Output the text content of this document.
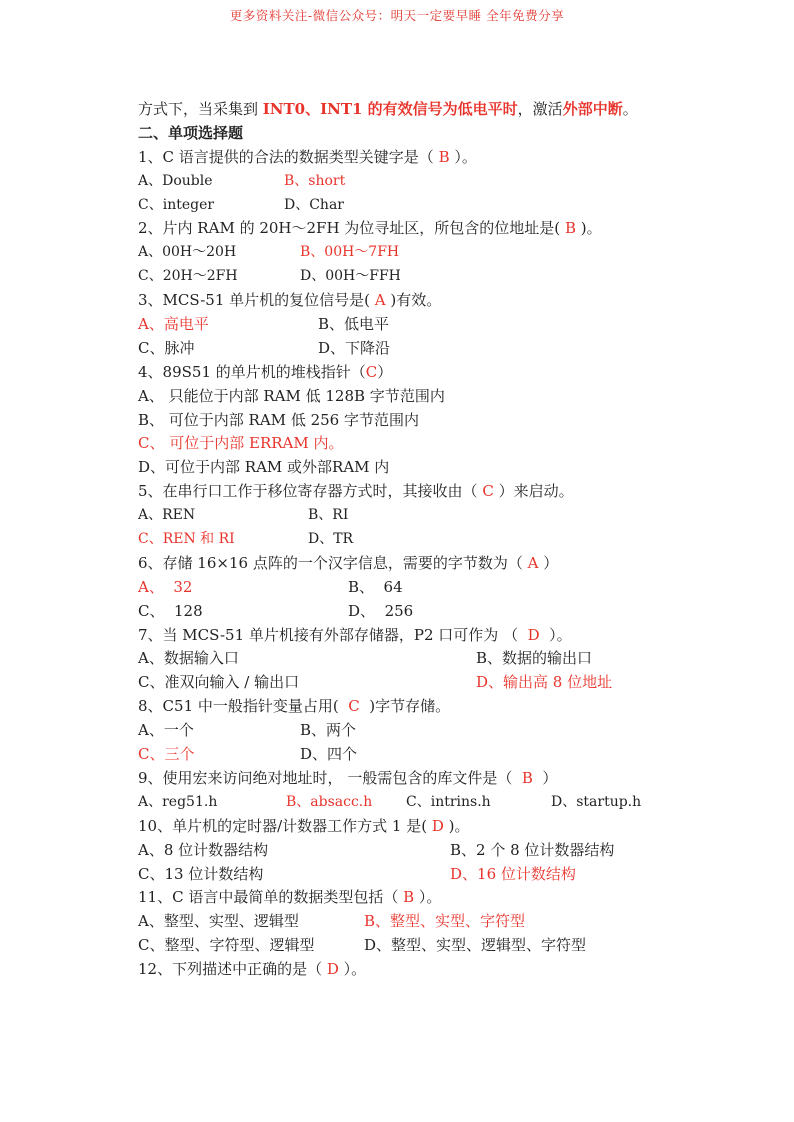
更多资料关注-微信公众号：明天一定要早睡 全年免费分享
方式下，当采集到 INT0、INT1 的有效信号为低电平时，激活外部中断。
二、单项选择题
1、C 语言提供的合法的数据类型关键字是（ B ）。
A、Double	B、short
C、integer	D、Char
2、片内 RAM 的 20H～2FH 为位寻址区，所包含的位地址是( B )。
A、00H～20H	B、00H～7FH
C、20H～2FH	D、00H～FFH
3、MCS-51 单片机的复位信号是( A )有效。
A、高电平	B、低电平
C、脉冲	D、下降沿
4、89S51 的单片机的堆栈指针（C）
A、 只能位于内部 RAM 低 128B 字节范围内
B、 可位于内部 RAM 低 256 字节范围内
C、 可位于内部 ERRAM 内。
D、可位于内部 RAM 或外部RAM 内
5、在串行口工作于移位寄存器方式时，其接收由（ C ）来启动。
A、REN	B、RI
C、REN 和 RI	D、TR
6、存储 16×16 点阵的一个汉字信息，需要的字节数为（ A ）
A、  32	B、  64
C、  128	D、  256
7、当 MCS-51 单片机接有外部存储器，P2 口可作为 （  D  ）。
A、数据输入口	B、数据的输出口
C、准双向输入 / 输出口	D、输出高 8 位地址
8、C51 中一般指针变量占用(  C  )字节存储。
A、一个	B、两个
C、三个	D、四个
9、使用宏来访问绝对地址时， 一般需包含的库文件是（  B  ）
A、reg51.h	B、absacc.h C、intrins.h	D、startup.h
10、单片机的定时器/计数器工作方式 1 是( D )。
A、8 位计数器结构	B、2 个 8 位计数器结构
C、13 位计数结构	D、16 位计数结构
11、C 语言中最简单的数据类型包括（ B ）。
A、整型、实型、逻辑型	B、整型、实型、字符型
C、整型、字符型、逻辑型	D、整型、实型、逻辑型、字符型
12、下列描述中正确的是（ D ）。
